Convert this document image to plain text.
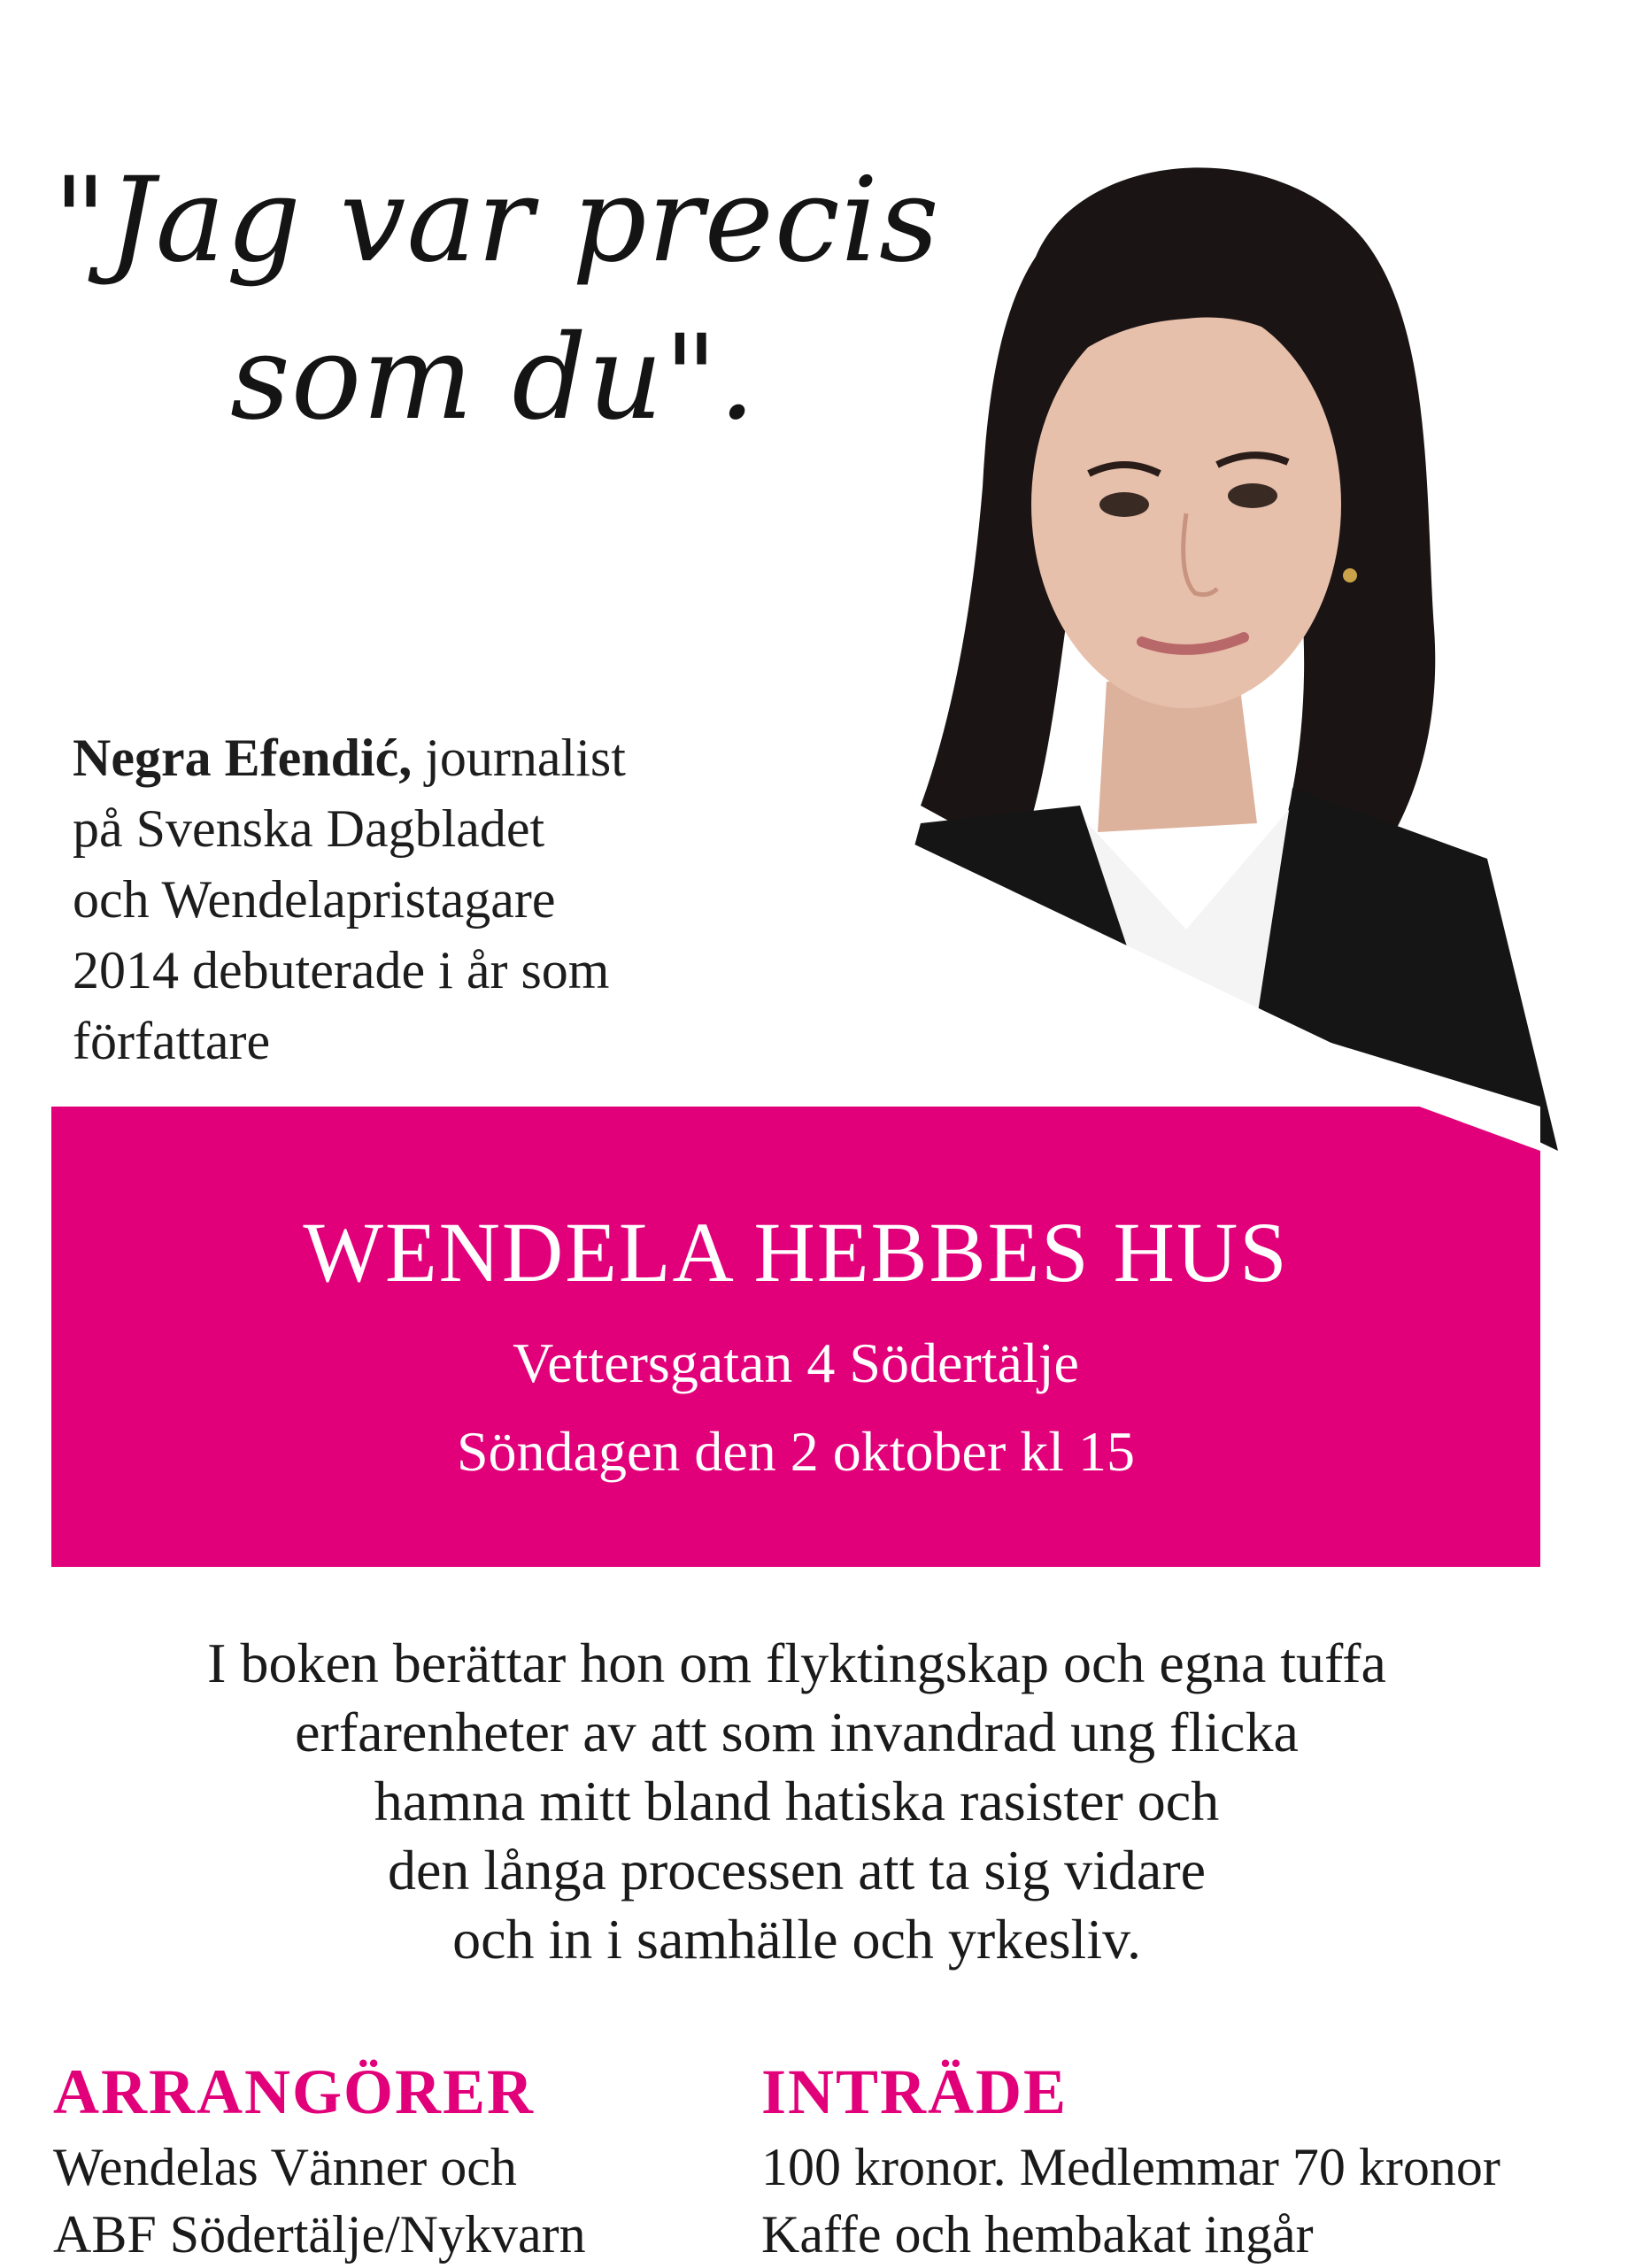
"Jag var precis
som du".
Negra Efendić, journalist
på Svenska Dagbladet
och Wendelapristagare
2014 debuterade i år som
författare
WENDELA HEBBES HUS
Vettersgatan 4 Södertälje
Söndagen den 2 oktober kl 15
I boken berättar hon om flyktingskap och egna tuffa
erfarenheter av att som invandrad ung flicka
hamna mitt bland hatiska rasister och
den långa processen att ta sig vidare
och in i samhälle och yrkesliv.
ARRANGÖRER
Wendelas Vänner och
ABF Södertälje/Nykvarn
INTRÄDE
100 kronor. Medlemmar 70 kronor
Kaffe och hembakat ingår
